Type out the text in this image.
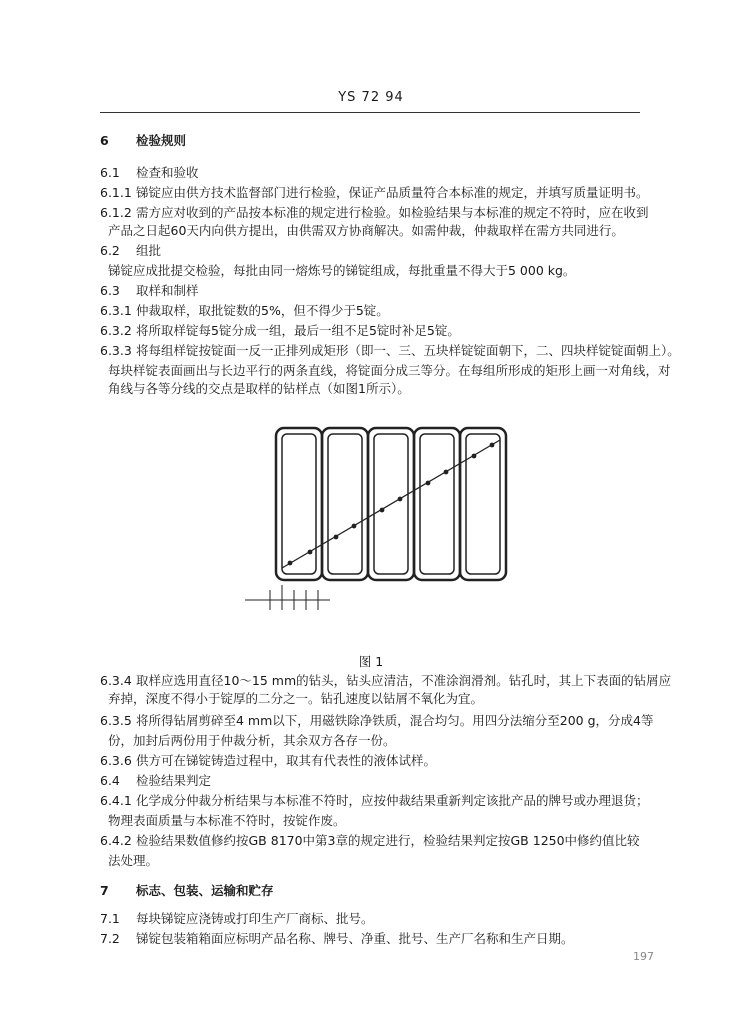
YS 72 94
6 检验规则
6.1 检查和验收
6.1.1 锑锭应由供方技术监督部门进行检验，保证产品质量符合本标准的规定，并填写质量证明书。
6.1.2 需方应对收到的产品按本标准的规定进行检验。如检验结果与本标准的规定不符时，应在收到
产品之日起60天内向供方提出，由供需双方协商解决。如需仲裁，仲裁取样在需方共同进行。
6.2 组批
锑锭应成批提交检验，每批由同一熔炼号的锑锭组成，每批重量不得大于5 000 kg。
6.3 取样和制样
6.3.1 仲裁取样，取批锭数的5%，但不得少于5锭。
6.3.2 将所取样锭每5锭分成一组，最后一组不足5锭时补足5锭。
6.3.3 将每组样锭按锭面一反一正排列成矩形（即一、三、五块样锭锭面朝下，二、四块样锭锭面朝上）。
每块样锭表面画出与长边平行的两条直线，将锭面分成三等分。在每组所形成的矩形上画一对角线，对
角线与各等分线的交点是取样的钻样点（如图1所示）。
图 1
6.3.4 取样应选用直径10～15 mm的钻头，钻头应清洁，不准涂润滑剂。钻孔时，其上下表面的钻屑应
弃掉，深度不得小于锭厚的二分之一。钻孔速度以钻屑不氧化为宜。
6.3.5 将所得钻屑剪碎至4 mm以下，用磁铁除净铁质，混合均匀。用四分法缩分至200 g，分成4等
份，加封后两份用于仲裁分析，其余双方各存一份。
6.3.6 供方可在锑锭铸造过程中，取其有代表性的液体试样。
6.4 检验结果判定
6.4.1 化学成分仲裁分析结果与本标准不符时，应按仲裁结果重新判定该批产品的牌号或办理退货；
物理表面质量与本标准不符时，按锭作废。
6.4.2 检验结果数值修约按GB 8170中第3章的规定进行，检验结果判定按GB 1250中修约值比较
法处理。
7 标志、包装、运输和贮存
7.1 每块锑锭应浇铸或打印生产厂商标、批号。
7.2 锑锭包装箱箱面应标明产品名称、牌号、净重、批号、生产厂名称和生产日期。
197
